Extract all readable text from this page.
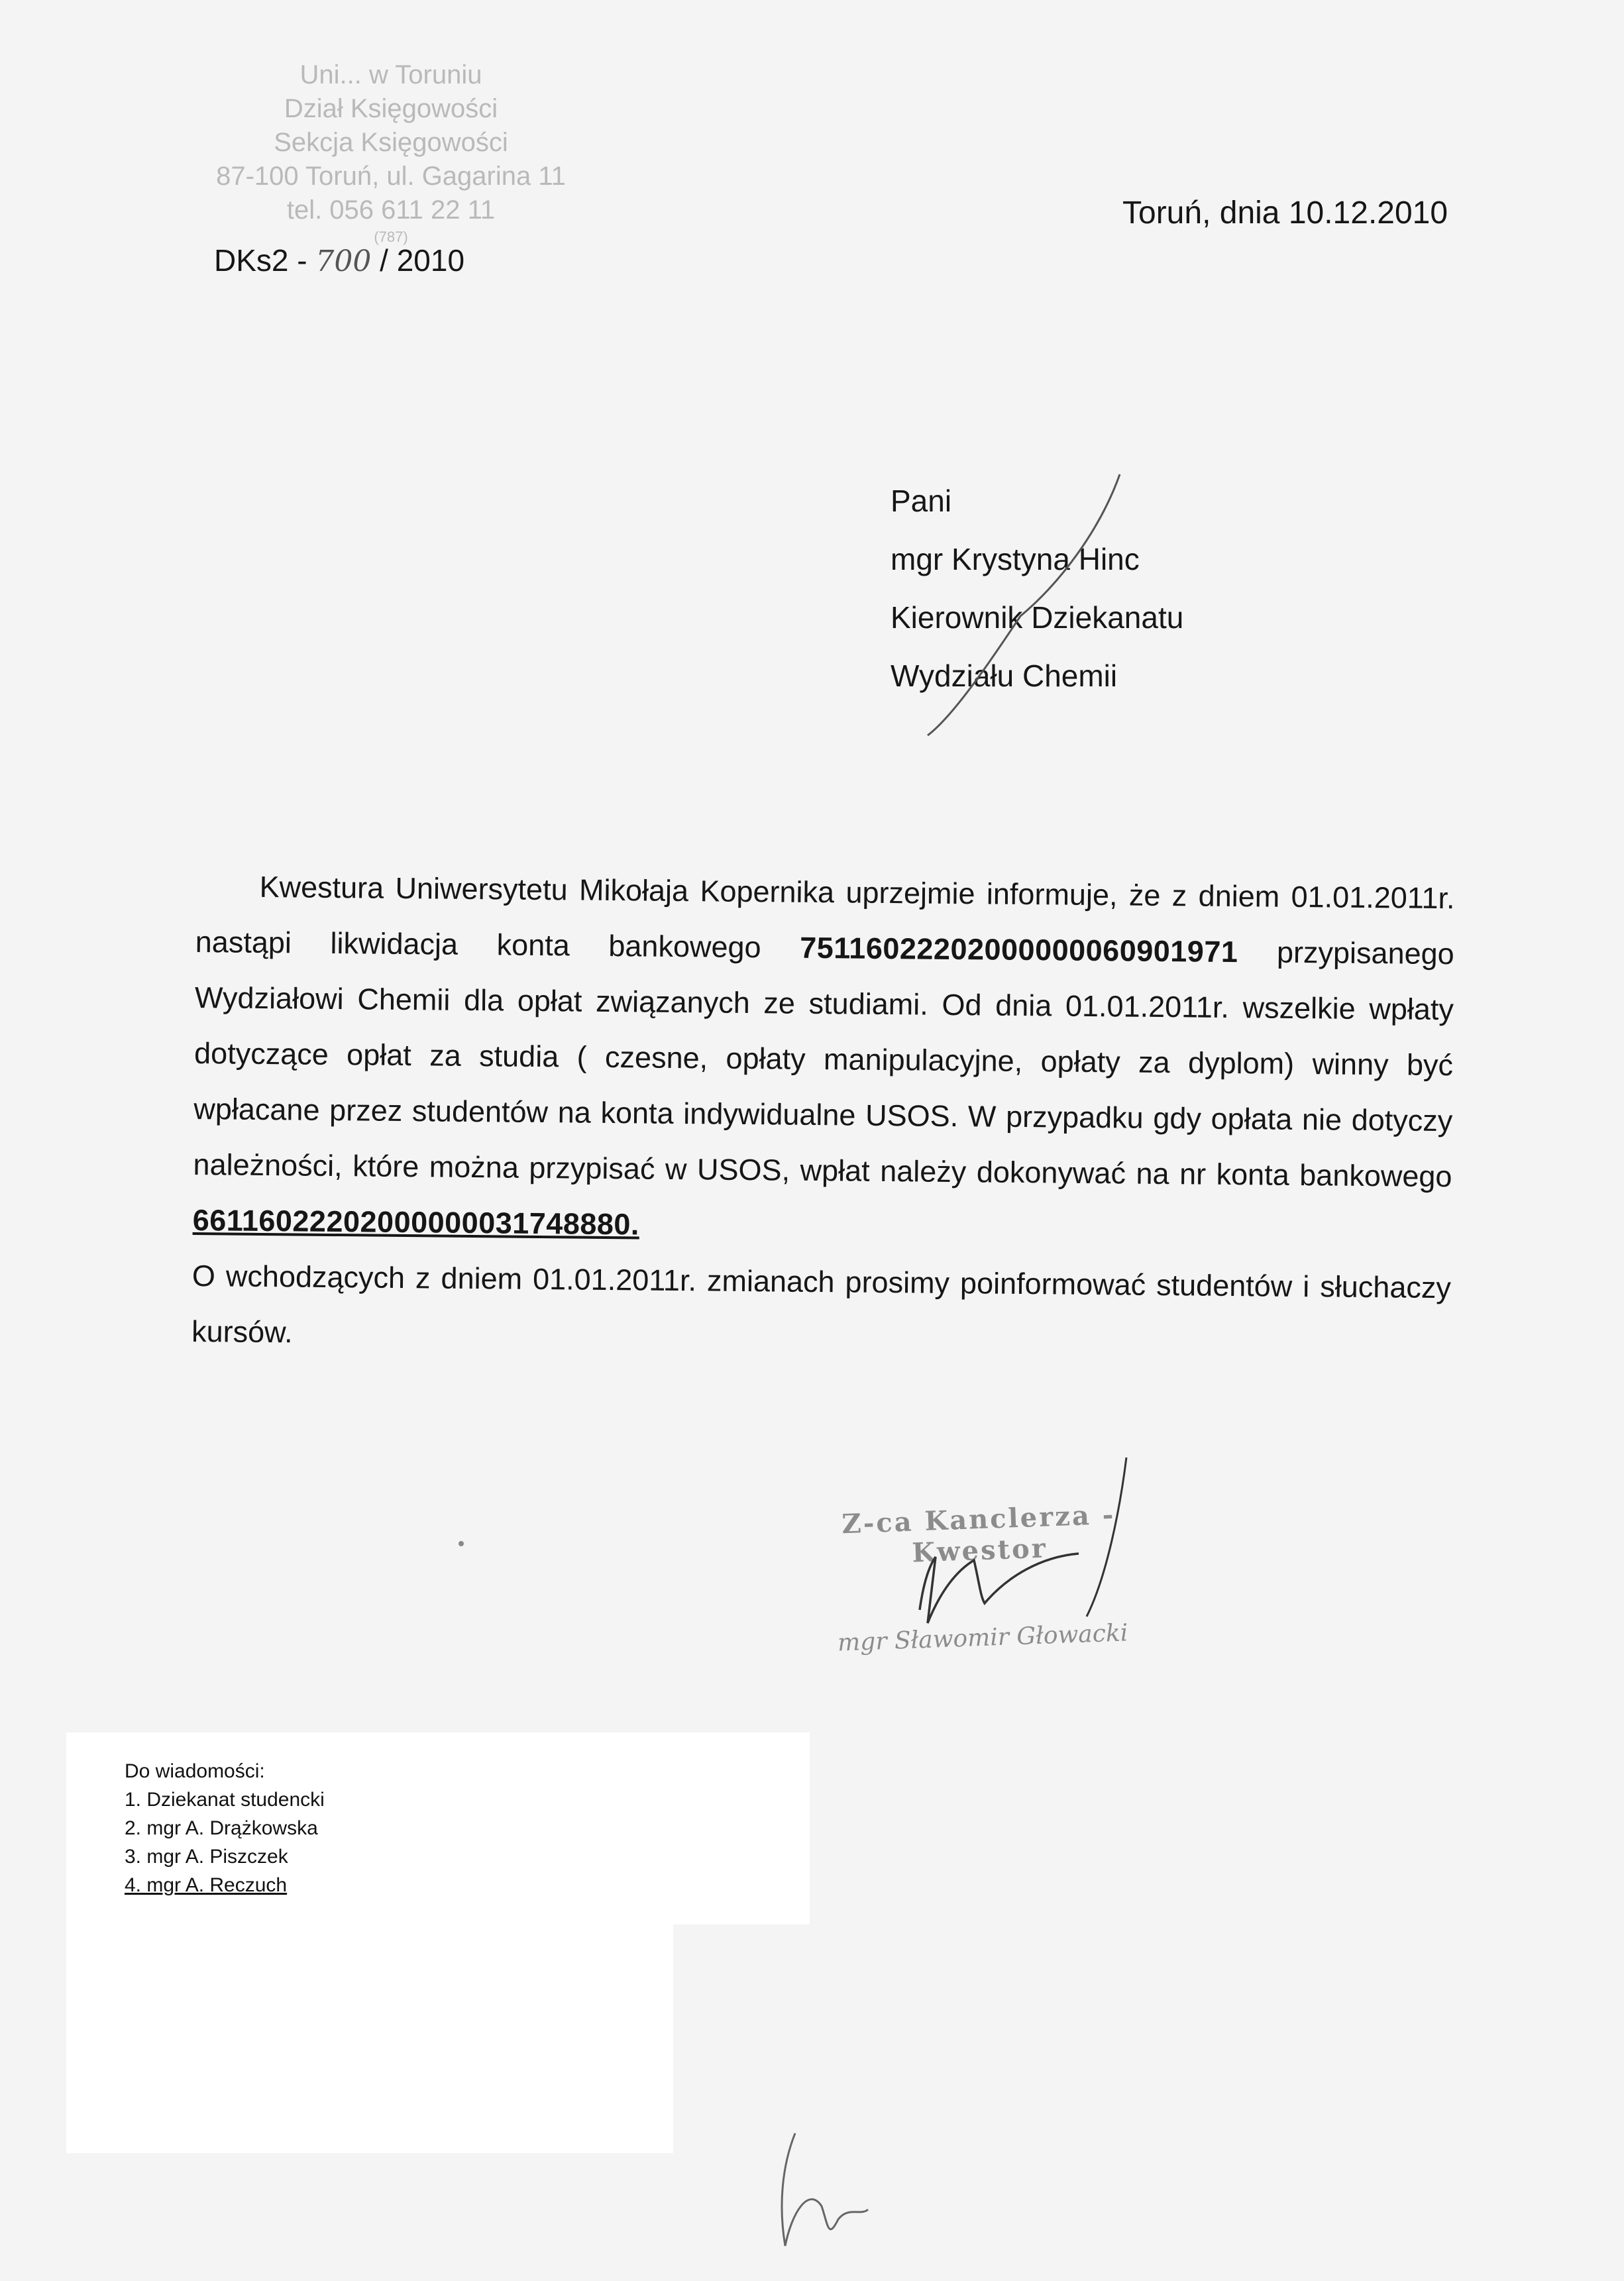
Uni... w Toruniu
Dział Księgowości
Sekcja Księgowości
87-100 Toruń, ul. Gagarina 11
tel. 056 611 22 11
(787)
DKs2 - 700 / 2010
Toruń, dnia 10.12.2010
Pani
mgr Krystyna Hinc
Kierownik Dziekanatu
Wydziału Chemii

Kwestura Uniwersytetu Mikołaja Kopernika uprzejmie informuje, że z dniem 01.01.2011r. nastąpi likwidacja konta bankowego 75116022202000000060901971 przypisanego Wydziałowi Chemii dla opłat związanych ze studiami. Od dnia 01.01.2011r. wszelkie wpłaty dotyczące opłat za studia ( czesne, opłaty manipulacyjne, opłaty za dyplom) winny być wpłacane przez studentów na konta indywidualne USOS. W przypadku gdy opłata nie dotyczy należności, które można przypisać w USOS, wpłat należy dokonywać na nr konta bankowego 66116022202000000031748880.

O wchodzących z dniem 01.01.2011r. zmianach prosimy poinformować studentów i słuchaczy kursów.

Z-ca Kanclerza - Kwestor
mgr Sławomir Głowacki
Do wiadomości:
1. Dziekanat studencki
2. mgr A. Drążkowska
3. mgr A. Piszczek
4. mgr A. Reczuch
